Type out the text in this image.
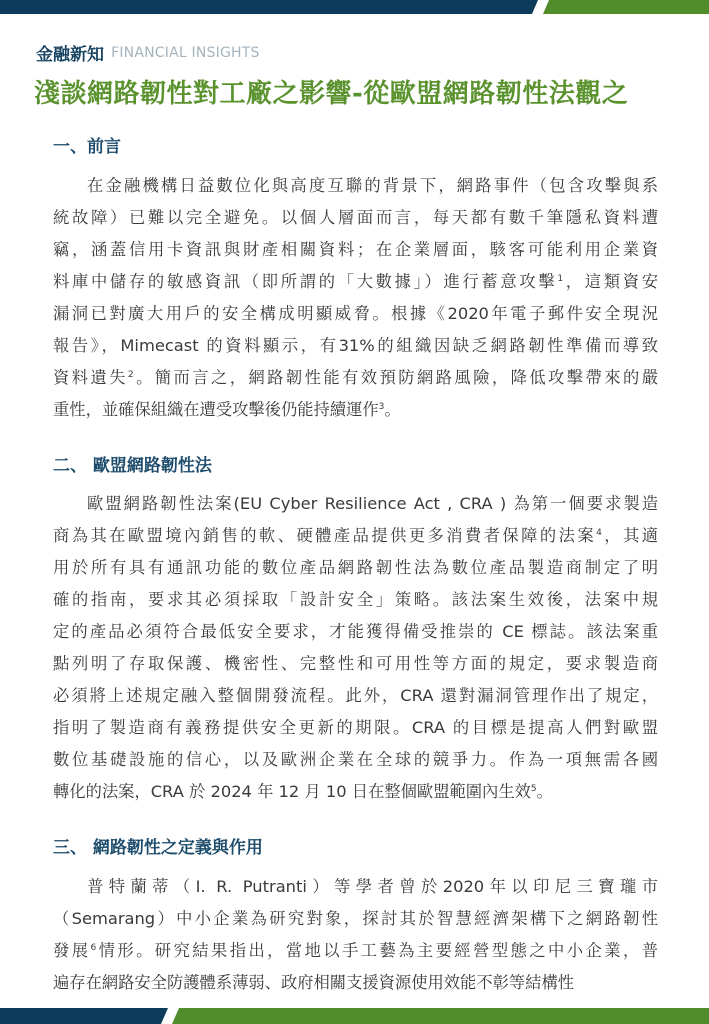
金融新知 FINANCIAL INSIGHTS
淺談網路韌性對工廠之影響-從歐盟網路韌性法觀之
一、前言
在金融機構日益數位化與高度互聯的背景下，網路事件（包含攻擊與系
統故障）已難以完全避免。以個人層面而言，每天都有數千筆隱私資料遭
竊，涵蓋信用卡資訊與財產相關資料；在企業層面，駭客可能利用企業資
料庫中儲存的敏感資訊（即所謂的「大數據」）進行蓄意攻擊$^1$，這類資安
漏洞已對廣大用戶的安全構成明顯威脅。根據《2020年電子郵件安全現況
報告》，Mimecast 的資料顯示，有31%的組織因缺乏網路韌性準備而導致
資料遺失$^2$。簡而言之，網路韌性能有效預防網路風險，降低攻擊帶來的嚴
重性，並確保組織在遭受攻擊後仍能持續運作$^3$。
二、 歐盟網路韌性法
歐盟網路韌性法案(EU Cyber Resilience Act , CRA ) 為第一個要求製造
商為其在歐盟境內銷售的軟、硬體產品提供更多消費者保障的法案$^4$，其適
用於所有具有通訊功能的數位產品網路韌性法為數位產品製造商制定了明
確的指南，要求其必須採取「設計安全」策略。該法案生效後，法案中規
定的產品必須符合最低安全要求，才能獲得備受推崇的 CE 標誌。該法案重
點列明了存取保護、機密性、完整性和可用性等方面的規定，要求製造商
必須將上述規定融入整個開發流程。此外，CRA 還對漏洞管理作出了規定，
指明了製造商有義務提供安全更新的期限。CRA 的目標是提高人們對歐盟
數位基礎設施的信心，以及歐洲企業在全球的競爭力。作為一項無需各國
轉化的法案，CRA 於 2024 年 12 月 10 日在整個歐盟範圍內生效$^5$。
三、 網路韌性之定義與作用
普特蘭蒂（I. R. Putranti）等學者曾於2020年以印尼三寶瓏市
（Semarang）中小企業為研究對象，探討其於智慧經濟架構下之網路韌性
發展$^6$情形。研究結果指出，當地以手工藝為主要經營型態之中小企業，普
遍存在網路安全防護體系薄弱、政府相關支援資源使用效能不彰等結構性
